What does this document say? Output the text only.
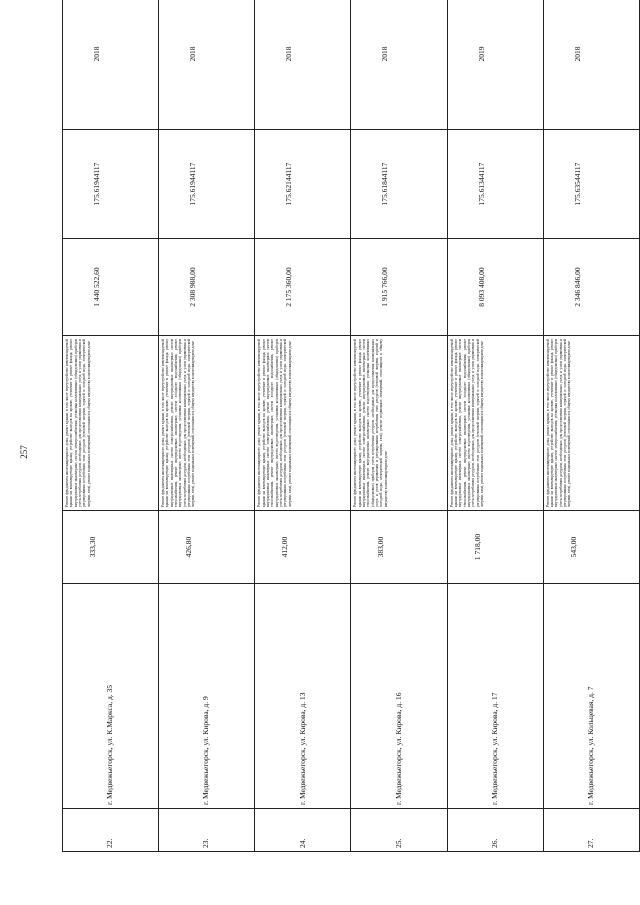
257
22.	г. Медвежьегорск, ул. К.Маркса, д. 35	333,30	Ремонт фундамента многоквартирного дома, ремонт крыши, в том числе переустройство невентилируемой крыши на вентилируемую крышу, устройство выходов на кровлю, утепление и ремонт фасада, ремонт внутридомовых инженерных систем электроснабжения, установка коллективных (общедомовых) приборов учета потребления ресурсов, необходимых для предоставления коммунальных услуг, и узлов управления и регулирования потребления этих ресурсов (тепловой энергии, горячей и холодной воды, электрической энергии, газа), ремонт подвальных помещений, относящихся к общему имуществу в многоквартирном доме	1 440 522,60	175.61944117	2018
23.	г. Медвежьегорск, ул. Кирова, д. 9	426,80	Ремонт фундамента многоквартирного дома, ремонт крыши, в том числе переустройство невентилируемой крыши на вентилируемую крышу, устройство выходов на кровлю, утепление и ремонт фасада, ремонт внутридомовых инженерных систем электроснабжения, ремонт внутридомовых инженерных систем теплоснабжения, ремонт внутридомовых инженерных систем холодного водоснабжения, ремонт внутридомовых инженерных систем водоотведения, установка коллективных (общедомовых) приборов учета потребления ресурсов, необходимых для предоставления коммунальных услуг, и узлов управления и регулирования потребления этих ресурсов (тепловой энергии, горячей и холодной воды, электрической энергии, газа), ремонт подвальных помещений, относящихся к общему имуществу в многоквартирном доме	2 308 988,00	175.61944117	2018
24.	г. Медвежьегорск, ул. Кирова, д. 13	412,00	Ремонт фундамента многоквартирного дома, ремонт крыши, в том числе переустройство невентилируемой крыши на вентилируемую крышу, устройство выходов на кровлю, утепление и ремонт фасада, ремонт внутридомовых инженерных систем электроснабжения, ремонт внутридомовых инженерных систем теплоснабжения, ремонт внутридомовых инженерных систем холодного водоснабжения, ремонт внутридомовых инженерных систем водоотведения, установка коллективных (общедомовых) приборов учета потребления ресурсов, необходимых для предоставления коммунальных услуг, и узлов управления и регулирования потребления этих ресурсов (тепловой энергии, горячей и холодной воды, электрической энергии, газа), ремонт подвальных помещений, относящихся к общему имуществу в многоквартирном доме	2 175 360,00	175.62144117	2018
25.	г. Медвежьегорск, ул. Кирова, д. 16	383,00	Ремонт фундамента многоквартирного дома, ремонт крыши, в том числе переустройство невентилируемой крыши на вентилируемую крышу, устройство выходов на кровлю, утепление и ремонт фасада, ремонт внутридомовых инженерных систем электроснабжения, ремонт внутридомовых инженерных систем теплоснабжения, ремонт внутридомовых инженерных систем водоотведения, установка коллективных (общедомовых) приборов учета потребления ресурсов, необходимых для предоставления коммунальных услуг, и узлов управления и регулирования потребления этих ресурсов (тепловой энергии, горячей и холодной воды, электрической энергии, газа), ремонт подвальных помещений, относящихся к общему имуществу в многоквартирном доме	1 915 766,00	175.61844117	2018
26.	г. Медвежьегорск, ул. Кирова, д. 17	1 718,00	Ремонт фундамента многоквартирного дома, ремонт крыши, в том числе переустройство невентилируемой крыши на вентилируемую крышу, устройство выходов на кровлю, утепление и ремонт фасада, ремонт внутридомовых инженерных систем электроснабжения, ремонт внутридомовых инженерных систем теплоснабжения, ремонт внутридомовых инженерных систем холодного водоснабжения, ремонт внутридомовых инженерных систем водоотведения, установка коллективных (общедомовых) приборов учета потребления ресурсов, необходимых для предоставления коммунальных услуг, и узлов управления и регулирования потребления этих ресурсов (тепловой энергии, горячей и холодной воды, электрической энергии, газа), ремонт подвальных помещений, относящихся к общему имуществу в многоквартирном доме	8 093 408,00	175.61344117	2019
27.	г. Медвежьегорск, ул. Кольцевая, д. 7	543,00	Ремонт фундамента многоквартирного дома, ремонт крыши, в том числе переустройство невентилируемой крыши на вентилируемую крышу, устройство выходов на кровлю, утепление и ремонт фасада, ремонт внутридомовых инженерных систем электроснабжения, установка коллективных (общедомовых) приборов учета потребления ресурсов, необходимых для предоставления коммунальных услуг, и узлов управления и регулирования потребления этих ресурсов (тепловой энергии, горячей и холодной воды, электрической энергии, газа), ремонт подвальных помещений, относящихся к общему имуществу в многоквартирном доме	2 346 846,00	175.63544117	2018
